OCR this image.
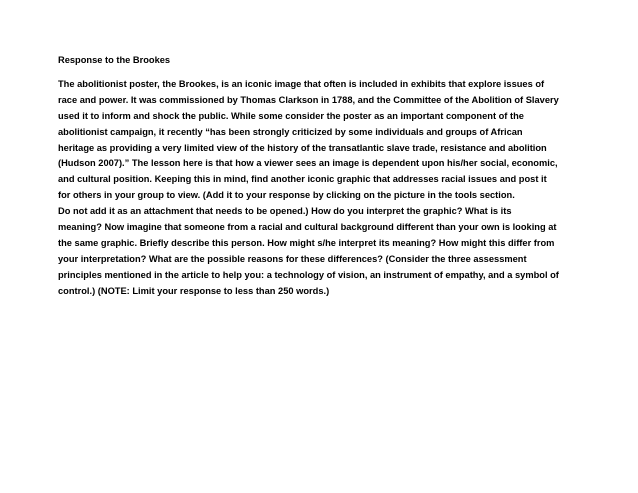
Response to the Brookes
The abolitionist poster, the Brookes, is an iconic image that often is included in exhibits that explore issues of
race and power. It was commissioned by Thomas Clarkson in 1788, and the Committee of the Abolition of Slavery
used it to inform and shock the public. While some consider the poster as an important component of the
abolitionist campaign, it recently “has been strongly criticized by some individuals and groups of African
heritage as providing a very limited view of the history of the transatlantic slave trade, resistance and abolition
(Hudson 2007).” The lesson here is that how a viewer sees an image is dependent upon his/her social, economic,
and cultural position. Keeping this in mind, find another iconic graphic that addresses racial issues and post it
for others in your group to view. (Add it to your response by clicking on the picture in the tools section.
Do not add it as an attachment that needs to be opened.) How do you interpret the graphic? What is its
meaning? Now imagine that someone from a racial and cultural background different than your own is looking at
the same graphic. Briefly describe this person. How might s/he interpret its meaning? How might this differ from
your interpretation? What are the possible reasons for these differences? (Consider the three assessment
principles mentioned in the article to help you: a technology of vision, an instrument of empathy, and a symbol of
control.) (NOTE: Limit your response to less than 250 words.)
